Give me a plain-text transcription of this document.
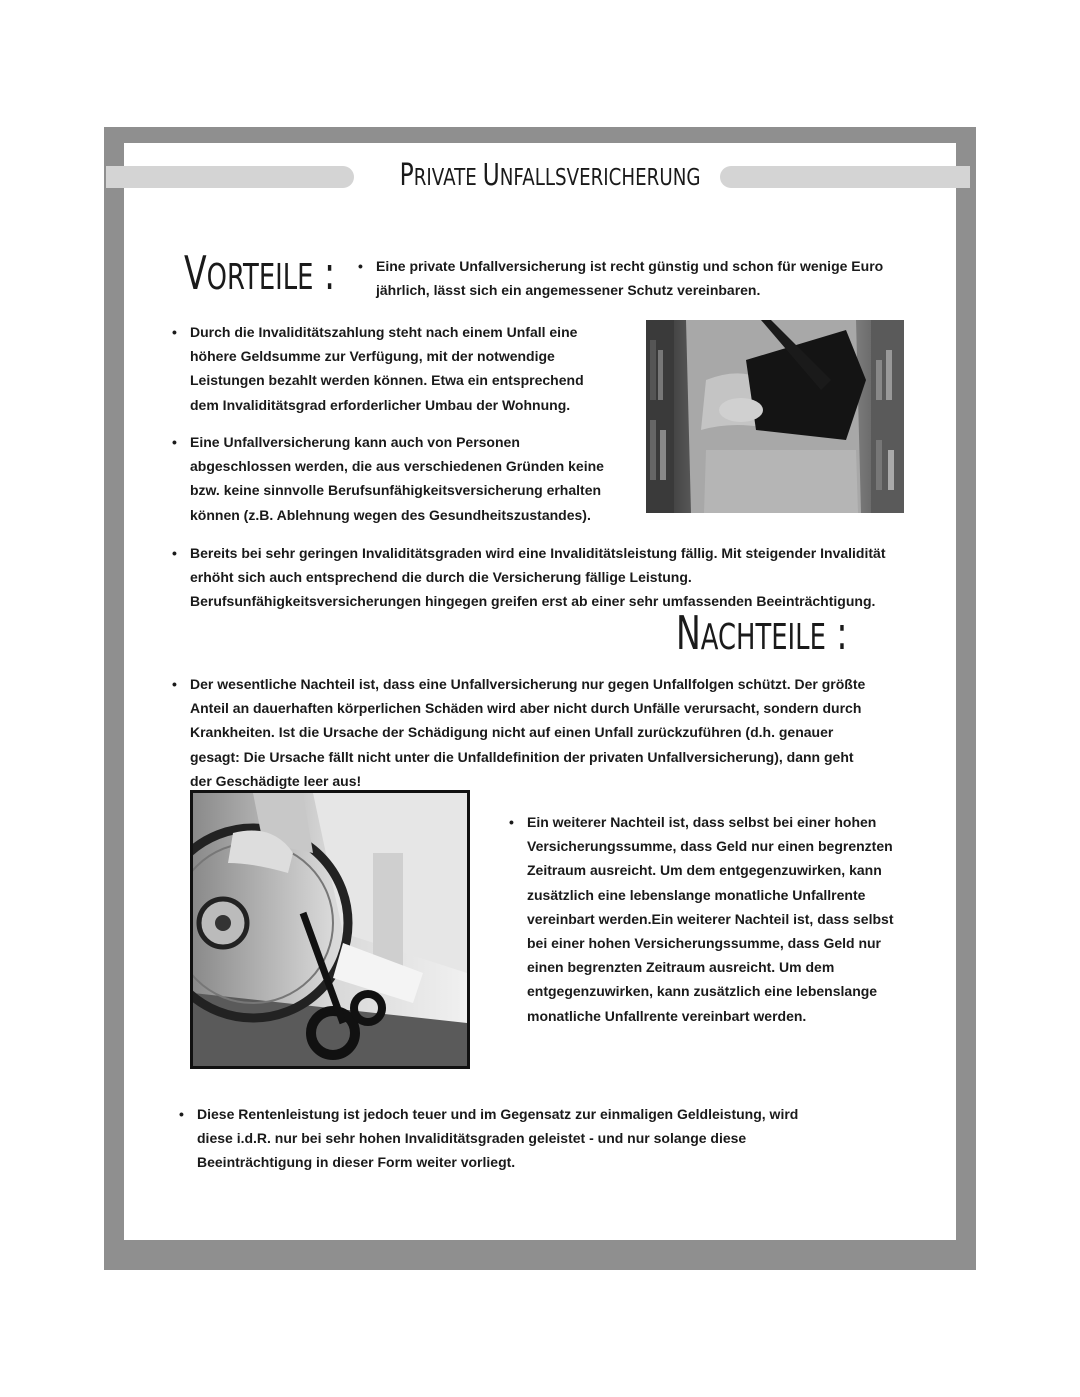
PRIVATE UNFALLSVERICHERUNG
VORTEILE :
•	Eine private Unfallversicherung ist recht günstig und schon für wenige Euro jährlich, lässt sich ein angemessener Schutz vereinbaren.
• Durch die Invaliditätszahlung steht nach einem Unfall eine höhere Geldsumme zur Verfügung, mit der notwendige Leistungen bezahlt werden können. Etwa ein entsprechend dem Invaliditätsgrad erforderlicher Umbau der Wohnung.
• Eine Unfallversicherung kann auch von Personen abgeschlossen werden, die aus verschiedenen Gründen keine bzw. keine sinnvolle Berufsunfähigkeitsversicherung erhalten können (z.B. Ablehnung wegen des Gesundheitszustandes).
• Bereits bei sehr geringen Invaliditätsgraden wird eine Invaliditätsleistung fällig. Mit steigender Invalidität erhöht sich auch entsprechend die durch die Versicherung fällige Leistung. Berufsunfähigkeitsversicherungen hingegen greifen erst ab einer sehr umfassenden Beeinträchtigung.
NACHTEILE :
• Der wesentliche Nachteil ist, dass eine Unfallversicherung nur gegen Unfallfolgen schützt. Der größte Anteil an dauerhaften körperlichen Schäden wird aber nicht durch Unfälle verursacht, sondern durch Krankheiten. Ist die Ursache der Schädigung nicht auf einen Unfall zurückzuführen (d.h. genauer gesagt: Die Ursache fällt nicht unter die Unfalldefinition der privaten Unfallversicherung), dann geht der Geschädigte leer aus!
• Ein weiterer Nachteil ist, dass selbst bei einer hohen Versicherungssumme, dass Geld nur einen begrenzten Zeitraum ausreicht. Um dem entgegenzuwirken, kann zusätzlich eine lebenslange monatliche Unfallrente vereinbart werden.Ein weiterer Nachteil ist, dass selbst bei einer hohen Versicherungssumme, dass Geld nur einen begrenzten Zeitraum ausreicht. Um dem entgegenzuwirken, kann zusätzlich eine lebenslange monatliche Unfallrente vereinbart werden.
• Diese Rentenleistung ist jedoch teuer und im Gegensatz zur einmaligen Geldleistung, wird diese i.d.R. nur bei sehr hohen Invaliditätsgraden geleistet - und nur solange diese Beeinträchtigung in dieser Form weiter vorliegt.
